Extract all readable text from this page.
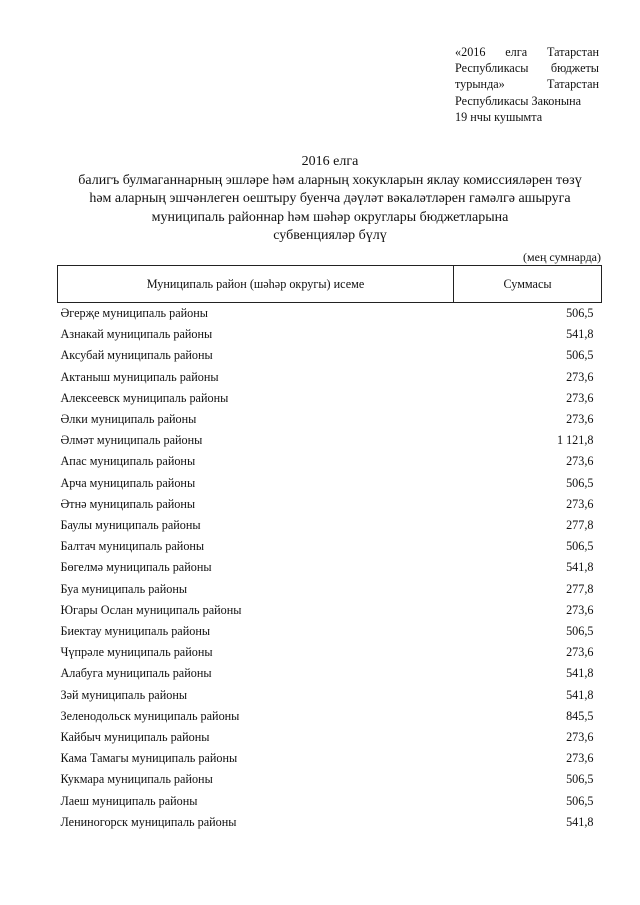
«2016 елга Татарстан
Республикасы бюджеты
турында»	Татарстан
Республикасы Законына
19 нчы кушымта
2016 елга
балигъ булмаганнарның эшләре һәм аларның хокукларын яклау комиссияләрен төзү
һәм аларның эшчәнлеген оештыру буенча дәүләт вәкаләтләрен гамәлгә ашыруга
муниципаль районнар һәм шәһәр округлары бюджетларына
субвенцияләр бүлү
(мең сумнарда)
Муниципаль район (шәһәр округы) исеме	Суммасы
Әгерҗе муниципаль районы	506,5
Азнакай муниципаль районы	541,8
Аксубай муниципаль районы	506,5
Актаныш муниципаль районы	273,6
Алексеевск муниципаль районы	273,6
Әлки муниципаль районы	273,6
Әлмәт муниципаль районы	1 121,8
Апас муниципаль районы	273,6
Арча муниципаль районы	506,5
Әтнә муниципаль районы	273,6
Баулы муниципаль районы	277,8
Балтач муниципаль районы	506,5
Бөгелмә муниципаль районы	541,8
Буа муниципаль районы	277,8
Югары Ослан муниципаль районы	273,6
Биектау муниципаль районы	506,5
Чүпрәле муниципаль районы	273,6
Алабуга муниципаль районы	541,8
Зәй муниципаль районы	541,8
Зеленодольск муниципаль районы	845,5
Кайбыч муниципаль районы	273,6
Кама Тамагы муниципаль районы	273,6
Кукмара муниципаль районы	506,5
Лаеш муниципаль районы	506,5
Лениногорск муниципаль районы	541,8
